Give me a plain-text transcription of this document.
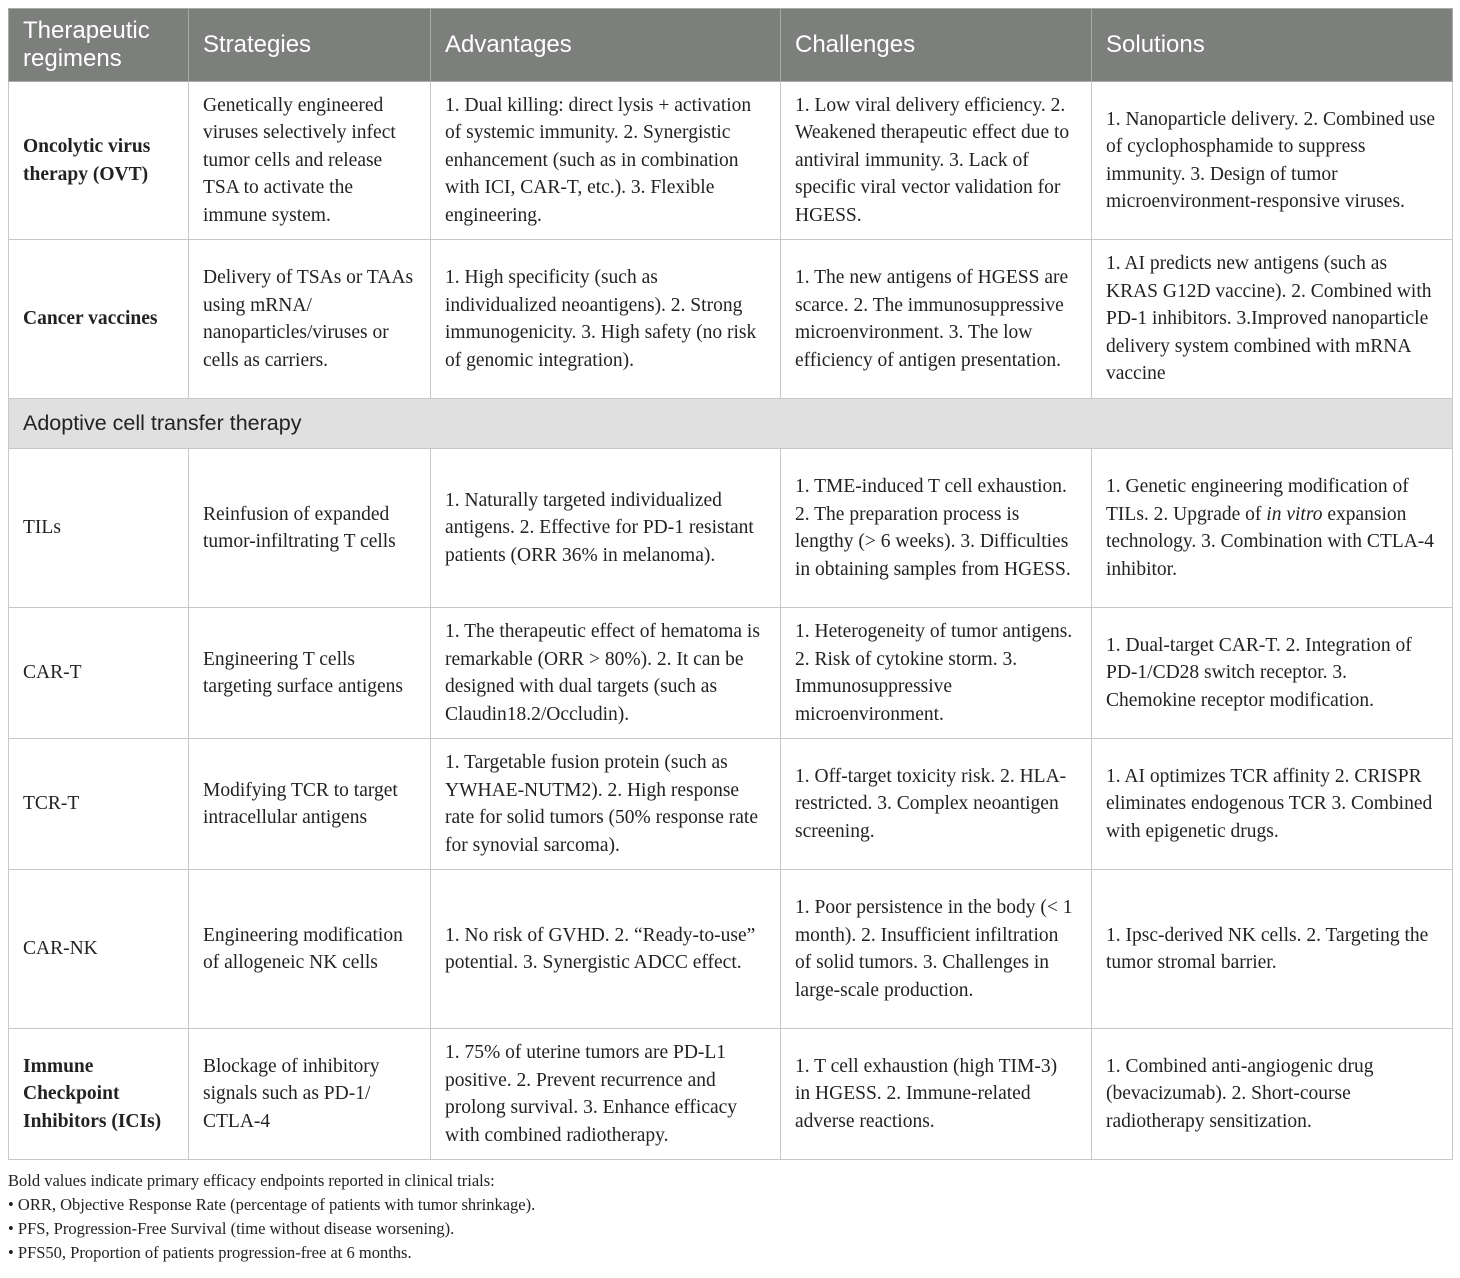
Therapeutic regimens	Strategies	Advantages	Challenges	Solutions
Oncolytic virus therapy (OVT)	Genetically engineered viruses selectively infect tumor cells and release TSA to activate the immune system.	1. Dual killing: direct lysis + activation of systemic immunity. 2. Synergistic enhancement (such as in combination with ICI, CAR-T, etc.). 3. Flexible engineering.	1. Low viral delivery efficiency. 2. Weakened therapeutic effect due to antiviral immunity. 3. Lack of specific viral vector validation for HGESS.	1. Nanoparticle delivery. 2. Combined use of cyclophosphamide to suppress immunity. 3. Design of tumor microenvironment-responsive viruses.
Cancer vaccines	Delivery of TSAs or TAAs using mRNA/ nanoparticles/viruses or cells as carriers.	1. High specificity (such as individualized neoantigens). 2. Strong immunogenicity. 3. High safety (no risk of genomic integration).	1. The new antigens of HGESS are scarce. 2. The immunosuppressive microenvironment. 3. The low efficiency of antigen presentation.	1. AI predicts new antigens (such as KRAS G12D vaccine). 2. Combined with PD-1 inhibitors. 3.Improved nanoparticle delivery system combined with mRNA vaccine
Adoptive cell transfer therapy				
TILs	Reinfusion of expanded tumor-infiltrating T cells	1. Naturally targeted individualized antigens. 2. Effective for PD-1 resistant patients (ORR 36% in melanoma).	1. TME-induced T cell exhaustion. 2. The preparation process is lengthy (> 6 weeks). 3. Difficulties in obtaining samples from HGESS.	1. Genetic engineering modification of TILs. 2. Upgrade of in vitro expansion technology. 3. Combination with CTLA-4 inhibitor.
CAR-T	Engineering T cells targeting surface antigens	1. The therapeutic effect of hematoma is remarkable (ORR > 80%). 2. It can be designed with dual targets (such as Claudin18.2/Occludin).	1. Heterogeneity of tumor antigens. 2. Risk of cytokine storm. 3. Immunosuppressive microenvironment.	1. Dual-target CAR-T. 2. Integration of PD-1/CD28 switch receptor. 3. Chemokine receptor modification.
TCR-T	Modifying TCR to target intracellular antigens	1. Targetable fusion protein (such as YWHAE-NUTM2). 2. High response rate for solid tumors (50% response rate for synovial sarcoma).	1. Off-target toxicity risk. 2. HLA-restricted. 3. Complex neoantigen screening.	1. AI optimizes TCR affinity 2. CRISPR eliminates endogenous TCR 3. Combined with epigenetic drugs.
CAR-NK	Engineering modification of allogeneic NK cells	1. No risk of GVHD. 2. “Ready-to-use” potential. 3. Synergistic ADCC effect.	1. Poor persistence in the body (< 1 month). 2. Insufficient infiltration of solid tumors. 3. Challenges in large-scale production.	1. Ipsc-derived NK cells. 2. Targeting the tumor stromal barrier.
Immune Checkpoint Inhibitors (ICIs)	Blockage of inhibitory signals such as PD-1/ CTLA-4	1. 75% of uterine tumors are PD-L1 positive. 2. Prevent recurrence and prolong survival. 3. Enhance efficacy with combined radiotherapy.	1. T cell exhaustion (high TIM-3) in HGESS. 2. Immune-related adverse reactions.	1. Combined anti-angiogenic drug (bevacizumab). 2. Short-course radiotherapy sensitization.
Bold values indicate primary efficacy endpoints reported in clinical trials:
• ORR, Objective Response Rate (percentage of patients with tumor shrinkage).
• PFS, Progression-Free Survival (time without disease worsening).
• PFS50, Proportion of patients progression-free at 6 months.
